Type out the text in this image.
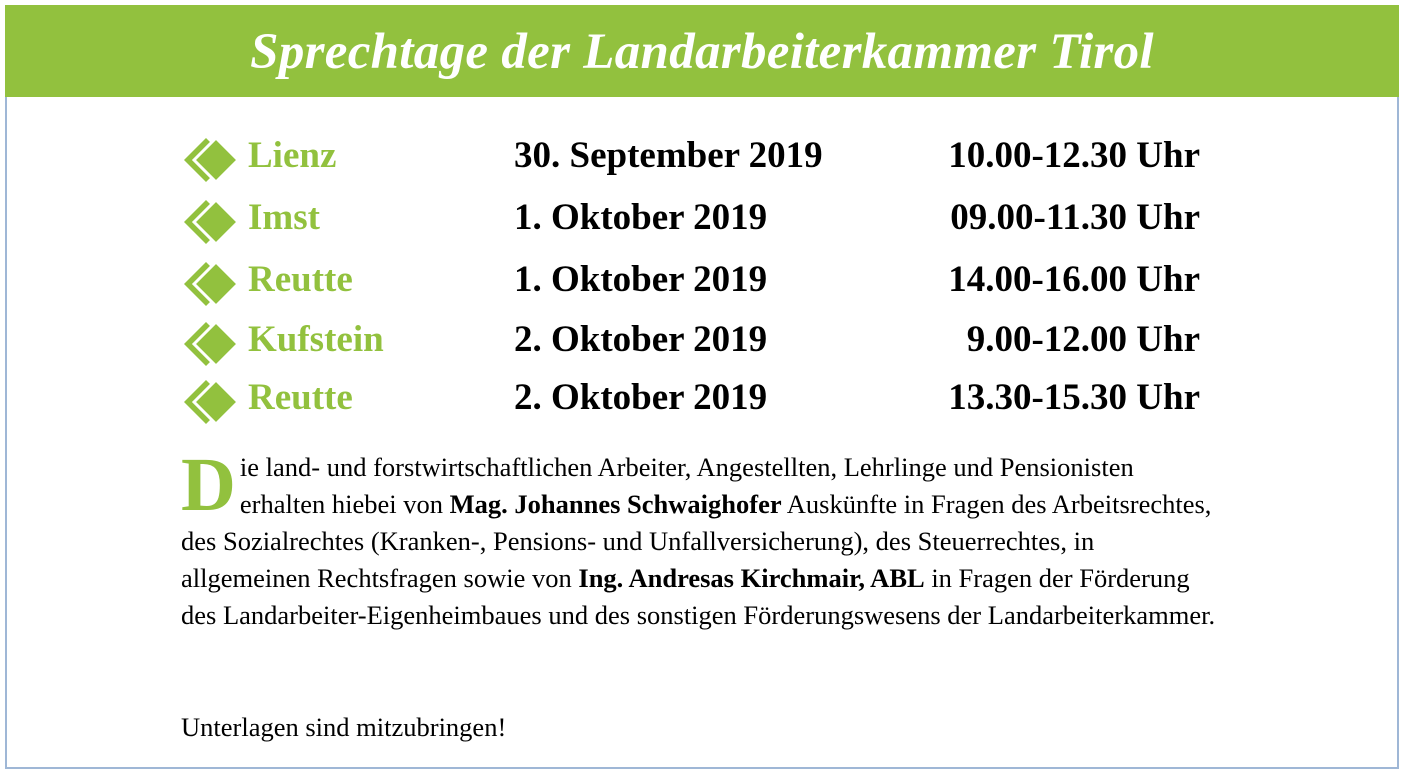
Sprechtage der Landarbeiterkammer Tirol
Lienz	30. September 2019	10.00-12.30 Uhr
Imst	1. Oktober 2019	09.00-11.30 Uhr
Reutte	1. Oktober 2019	14.00-16.00 Uhr
Kufstein	2. Oktober 2019	9.00-12.00 Uhr
Reutte	2. Oktober 2019	13.30-15.30 Uhr
Die land- und forstwirtschaftlichen Arbeiter, Angestellten, Lehrlinge und Pensionisten erhalten hiebei von Mag. Johannes Schwaighofer Auskünfte in Fragen des Arbeitsrechtes, des Sozialrechtes (Kranken-, Pensions- und Unfallversicherung), des Steuerrechtes, in allgemeinen Rechtsfragen sowie von Ing. Andresas Kirchmair, ABL in Fragen der Förderung des Landarbeiter-Eigenheimbaues und des sonstigen Förderungswesens der Landarbeiterkammer.
Unterlagen sind mitzubringen!
